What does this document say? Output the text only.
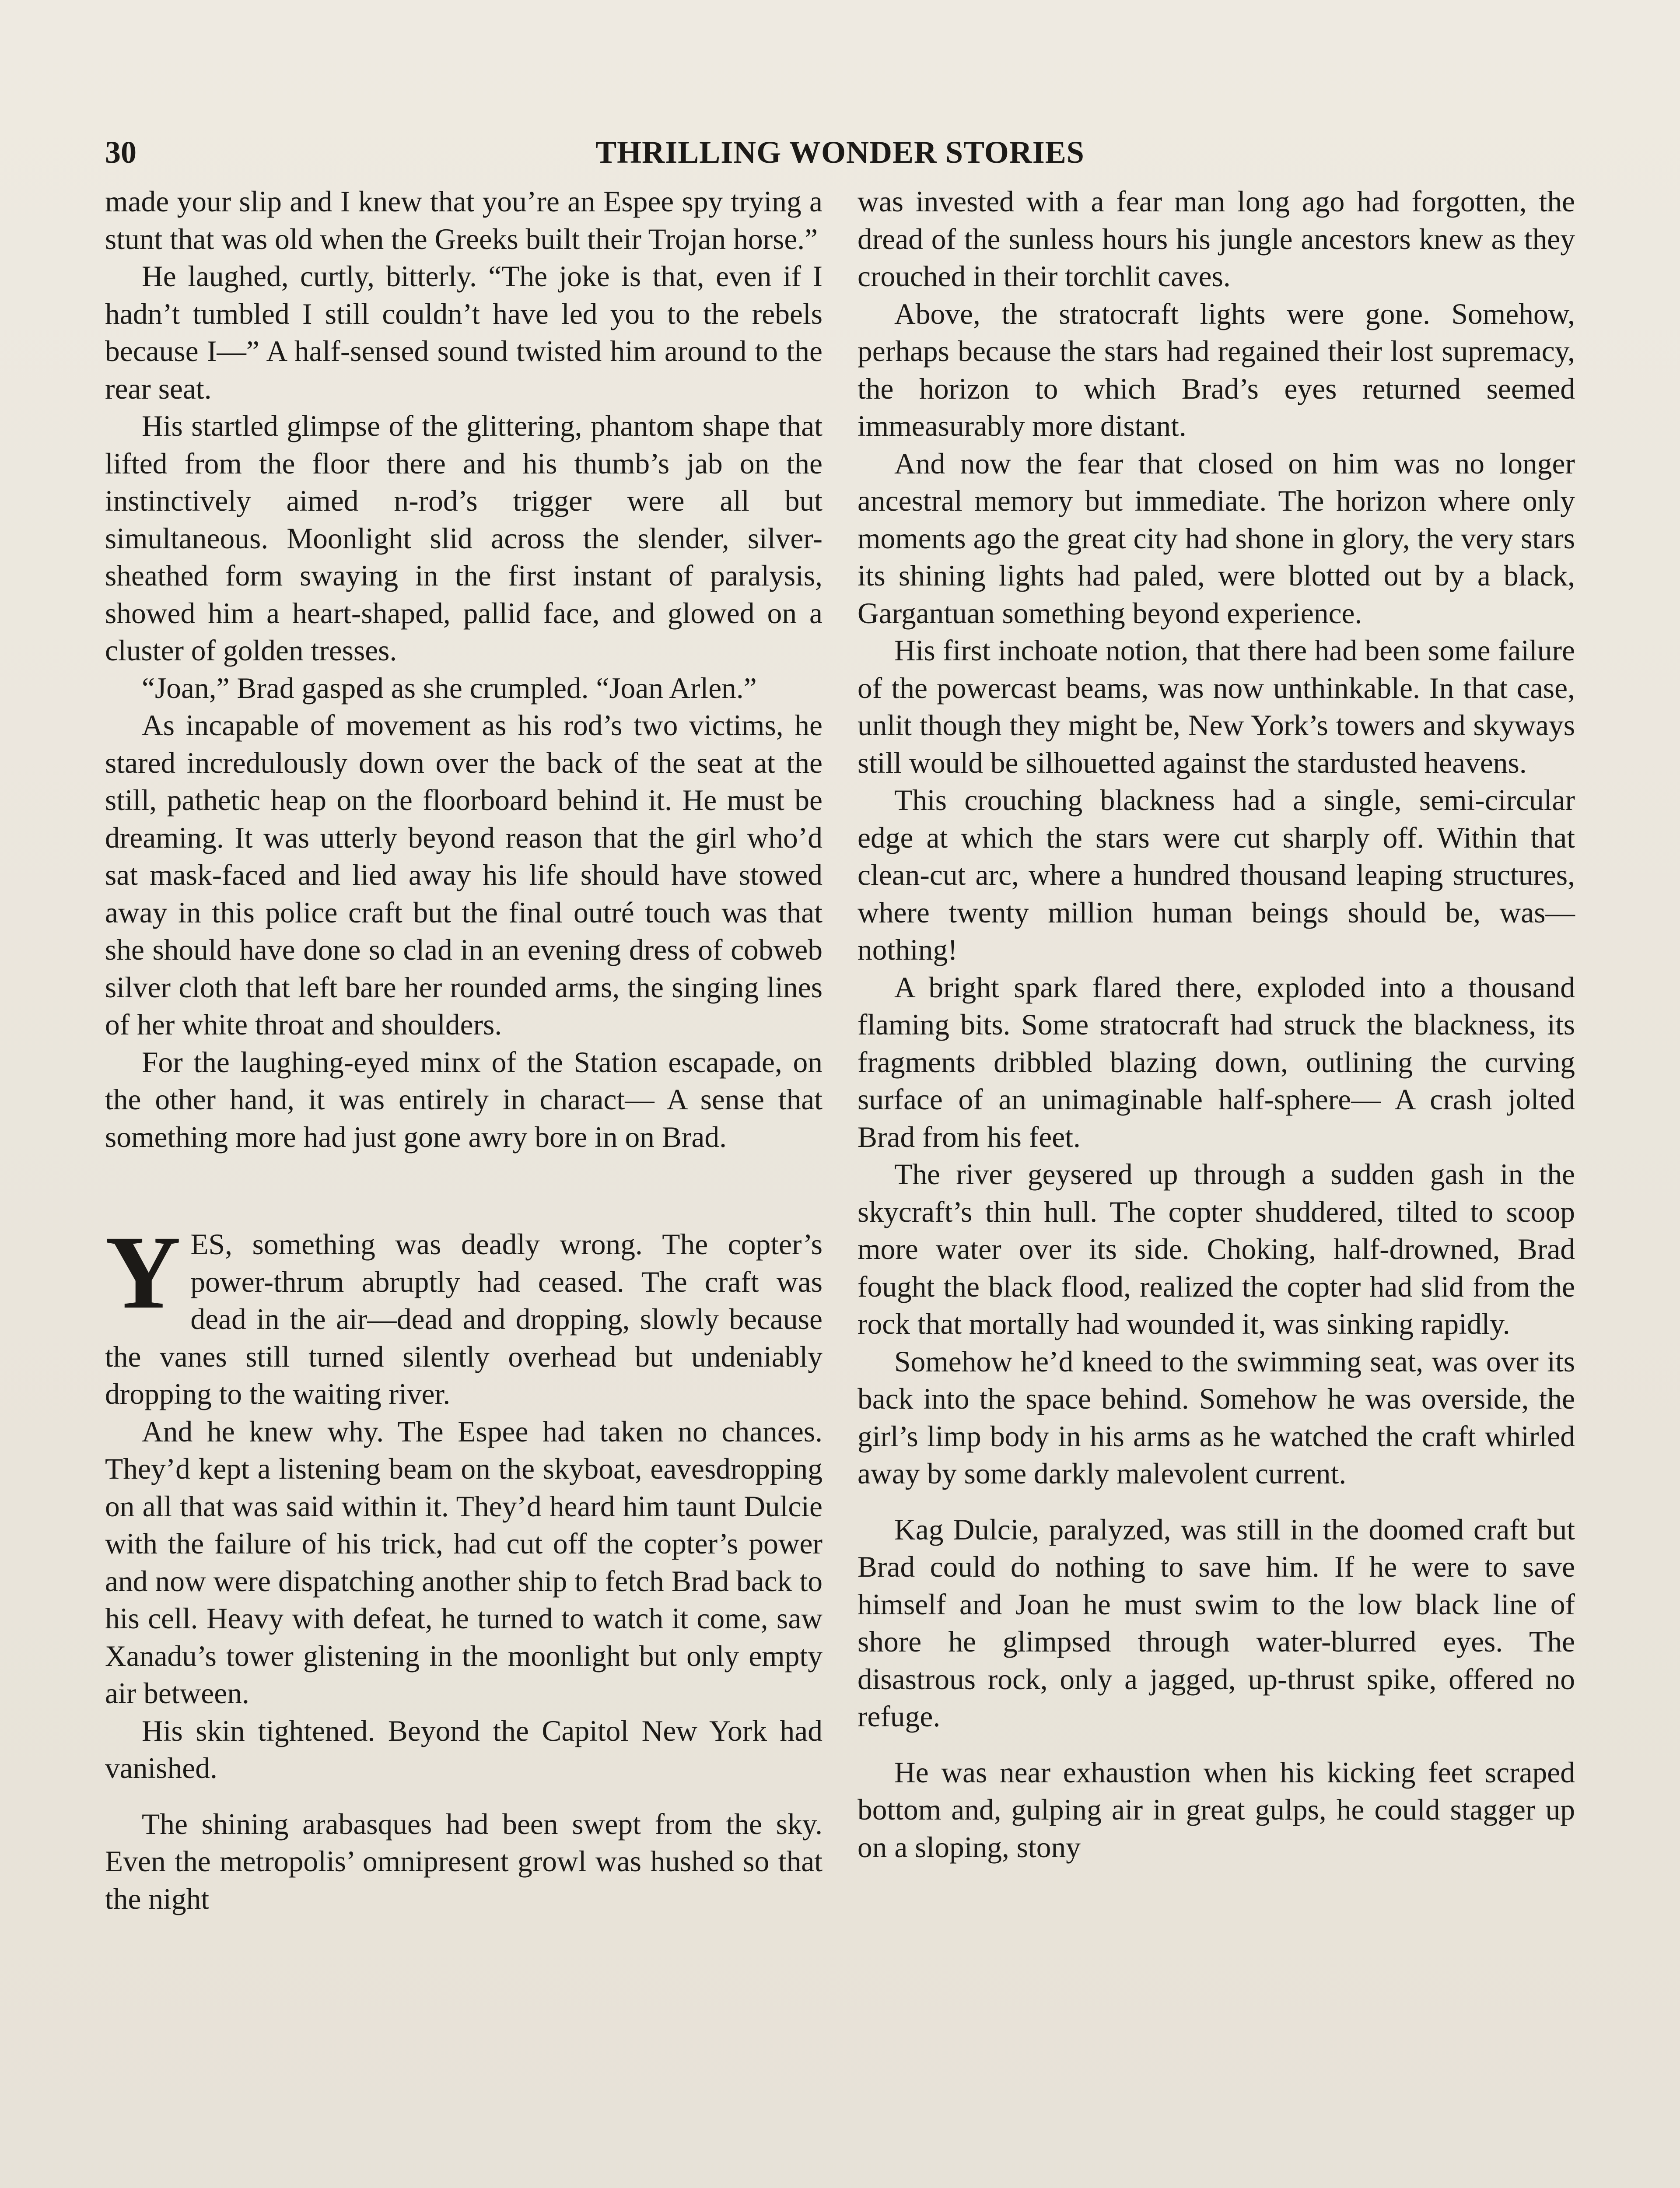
30	THRILLING WONDER STORIES

made your slip and I knew that you’re an Espee spy trying a stunt that was old when the Greeks built their Trojan horse.”

He laughed, curtly, bitterly. “The joke is that, even if I hadn’t tumbled I still couldn’t have led you to the rebels because I—” A half-sensed sound twisted him around to the rear seat.

His startled glimpse of the glittering, phantom shape that lifted from the floor there and his thumb’s jab on the instinctively aimed n-rod’s trigger were all but simultaneous. Moonlight slid across the slender, silver-sheathed form swaying in the first instant of paralysis, showed him a heart-shaped, pallid face, and glowed on a cluster of golden tresses.

“Joan,” Brad gasped as she crumpled. “Joan Arlen.”

As incapable of movement as his rod’s two victims, he stared incredulously down over the back of the seat at the still, pathetic heap on the floorboard behind it. He must be dreaming. It was utterly beyond reason that the girl who’d sat mask-faced and lied away his life should have stowed away in this police craft but the final outré touch was that she should have done so clad in an evening dress of cobweb silver cloth that left bare her rounded arms, the singing lines of her white throat and shoulders.

For the laughing-eyed minx of the Station escapade, on the other hand, it was entirely in charact— A sense that something more had just gone awry bore in on Brad.

YES, something was deadly wrong. The copter’s power-thrum abruptly had ceased. The craft was dead in the air—dead and dropping, slowly because the vanes still turned silently overhead but undeniably dropping to the waiting river.

And he knew why. The Espee had taken no chances. They’d kept a listening beam on the skyboat, eavesdropping on all that was said within it. They’d heard him taunt Dulcie with the failure of his trick, had cut off the copter’s power and now were dispatching another ship to fetch Brad back to his cell. Heavy with defeat, he turned to watch it come, saw Xanadu’s tower glistening in the moonlight but only empty air between.

His skin tightened. Beyond the Capitol New York had vanished.

The shining arabasques had been swept from the sky. Even the metropolis’ omnipresent growl was hushed so that the night

was invested with a fear man long ago had forgotten, the dread of the sunless hours his jungle ancestors knew as they crouched in their torchlit caves.

Above, the stratocraft lights were gone. Somehow, perhaps because the stars had regained their lost supremacy, the horizon to which Brad’s eyes returned seemed immeasurably more distant.

And now the fear that closed on him was no longer ancestral memory but immediate. The horizon where only moments ago the great city had shone in glory, the very stars its shining lights had paled, were blotted out by a black, Gargantuan something beyond experience.

His first inchoate notion, that there had been some failure of the powercast beams, was now unthinkable. In that case, unlit though they might be, New York’s towers and skyways still would be silhouetted against the stardusted heavens.

This crouching blackness had a single, semi-circular edge at which the stars were cut sharply off. Within that clean-cut arc, where a hundred thousand leaping structures, where twenty million human beings should be, was—nothing!

A bright spark flared there, exploded into a thousand flaming bits. Some stratocraft had struck the blackness, its fragments dribbled blazing down, outlining the curving surface of an unimaginable half-sphere— A crash jolted Brad from his feet.

The river geysered up through a sudden gash in the skycraft’s thin hull. The copter shuddered, tilted to scoop more water over its side. Choking, half-drowned, Brad fought the black flood, realized the copter had slid from the rock that mortally had wounded it, was sinking rapidly.

Somehow he’d kneed to the swimming seat, was over its back into the space behind. Somehow he was overside, the girl’s limp body in his arms as he watched the craft whirled away by some darkly malevolent current.

Kag Dulcie, paralyzed, was still in the doomed craft but Brad could do nothing to save him. If he were to save himself and Joan he must swim to the low black line of shore he glimpsed through water-blurred eyes. The disastrous rock, only a jagged, up-thrust spike, offered no refuge.

He was near exhaustion when his kicking feet scraped bottom and, gulping air in great gulps, he could stagger up on a sloping, stony
